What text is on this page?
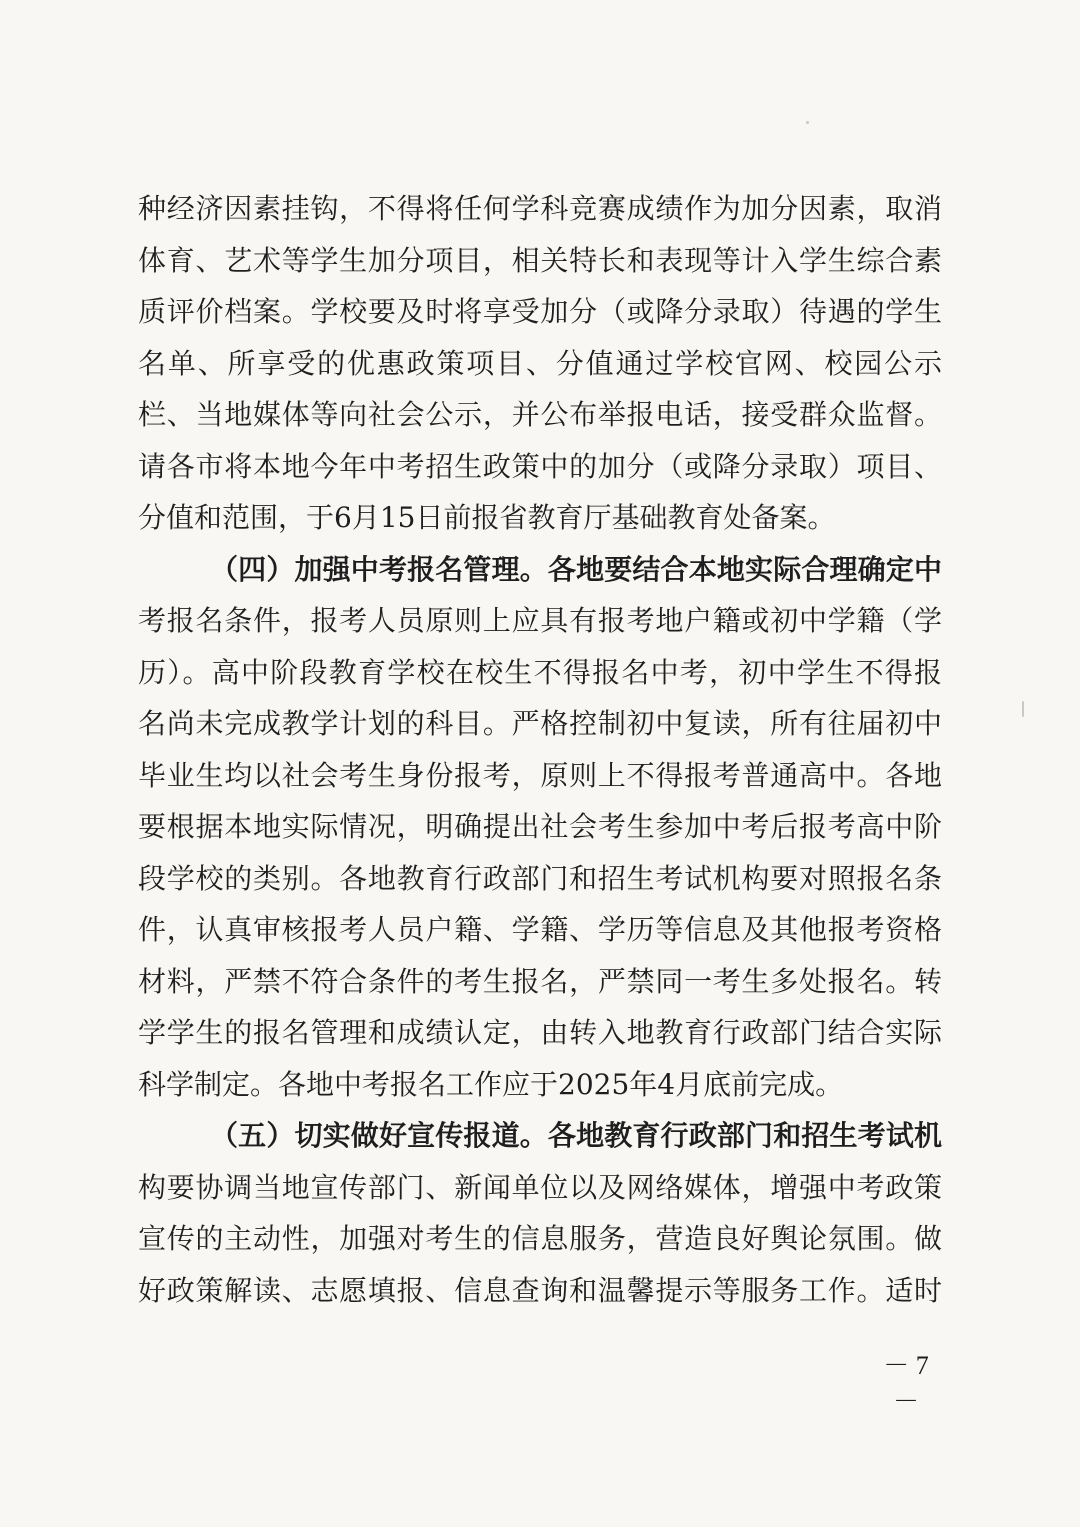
种经济因素挂钩，不得将任何学科竞赛成绩作为加分因素，取消
体育、艺术等学生加分项目，相关特长和表现等计入学生综合素
质评价档案。学校要及时将享受加分（或降分录取）待遇的学生
名单、所享受的优惠政策项目、分值通过学校官网、校园公示
栏、当地媒体等向社会公示，并公布举报电话，接受群众监督。
请各市将本地今年中考招生政策中的加分（或降分录取）项目、
分值和范围，于6月15日前报省教育厅基础教育处备案。
（四）加强中考报名管理。各地要结合本地实际合理确定中
考报名条件，报考人员原则上应具有报考地户籍或初中学籍（学
历）。高中阶段教育学校在校生不得报名中考，初中学生不得报
名尚未完成教学计划的科目。严格控制初中复读，所有往届初中
毕业生均以社会考生身份报考，原则上不得报考普通高中。各地
要根据本地实际情况，明确提出社会考生参加中考后报考高中阶
段学校的类别。各地教育行政部门和招生考试机构要对照报名条
件，认真审核报考人员户籍、学籍、学历等信息及其他报考资格
材料，严禁不符合条件的考生报名，严禁同一考生多处报名。转
学学生的报名管理和成绩认定，由转入地教育行政部门结合实际
科学制定。各地中考报名工作应于2025年4月底前完成。
（五）切实做好宣传报道。各地教育行政部门和招生考试机
构要协调当地宣传部门、新闻单位以及网络媒体，增强中考政策
宣传的主动性，加强对考生的信息服务，营造良好舆论氛围。做
好政策解读、志愿填报、信息查询和温馨提示等服务工作。适时
－ 7 －
